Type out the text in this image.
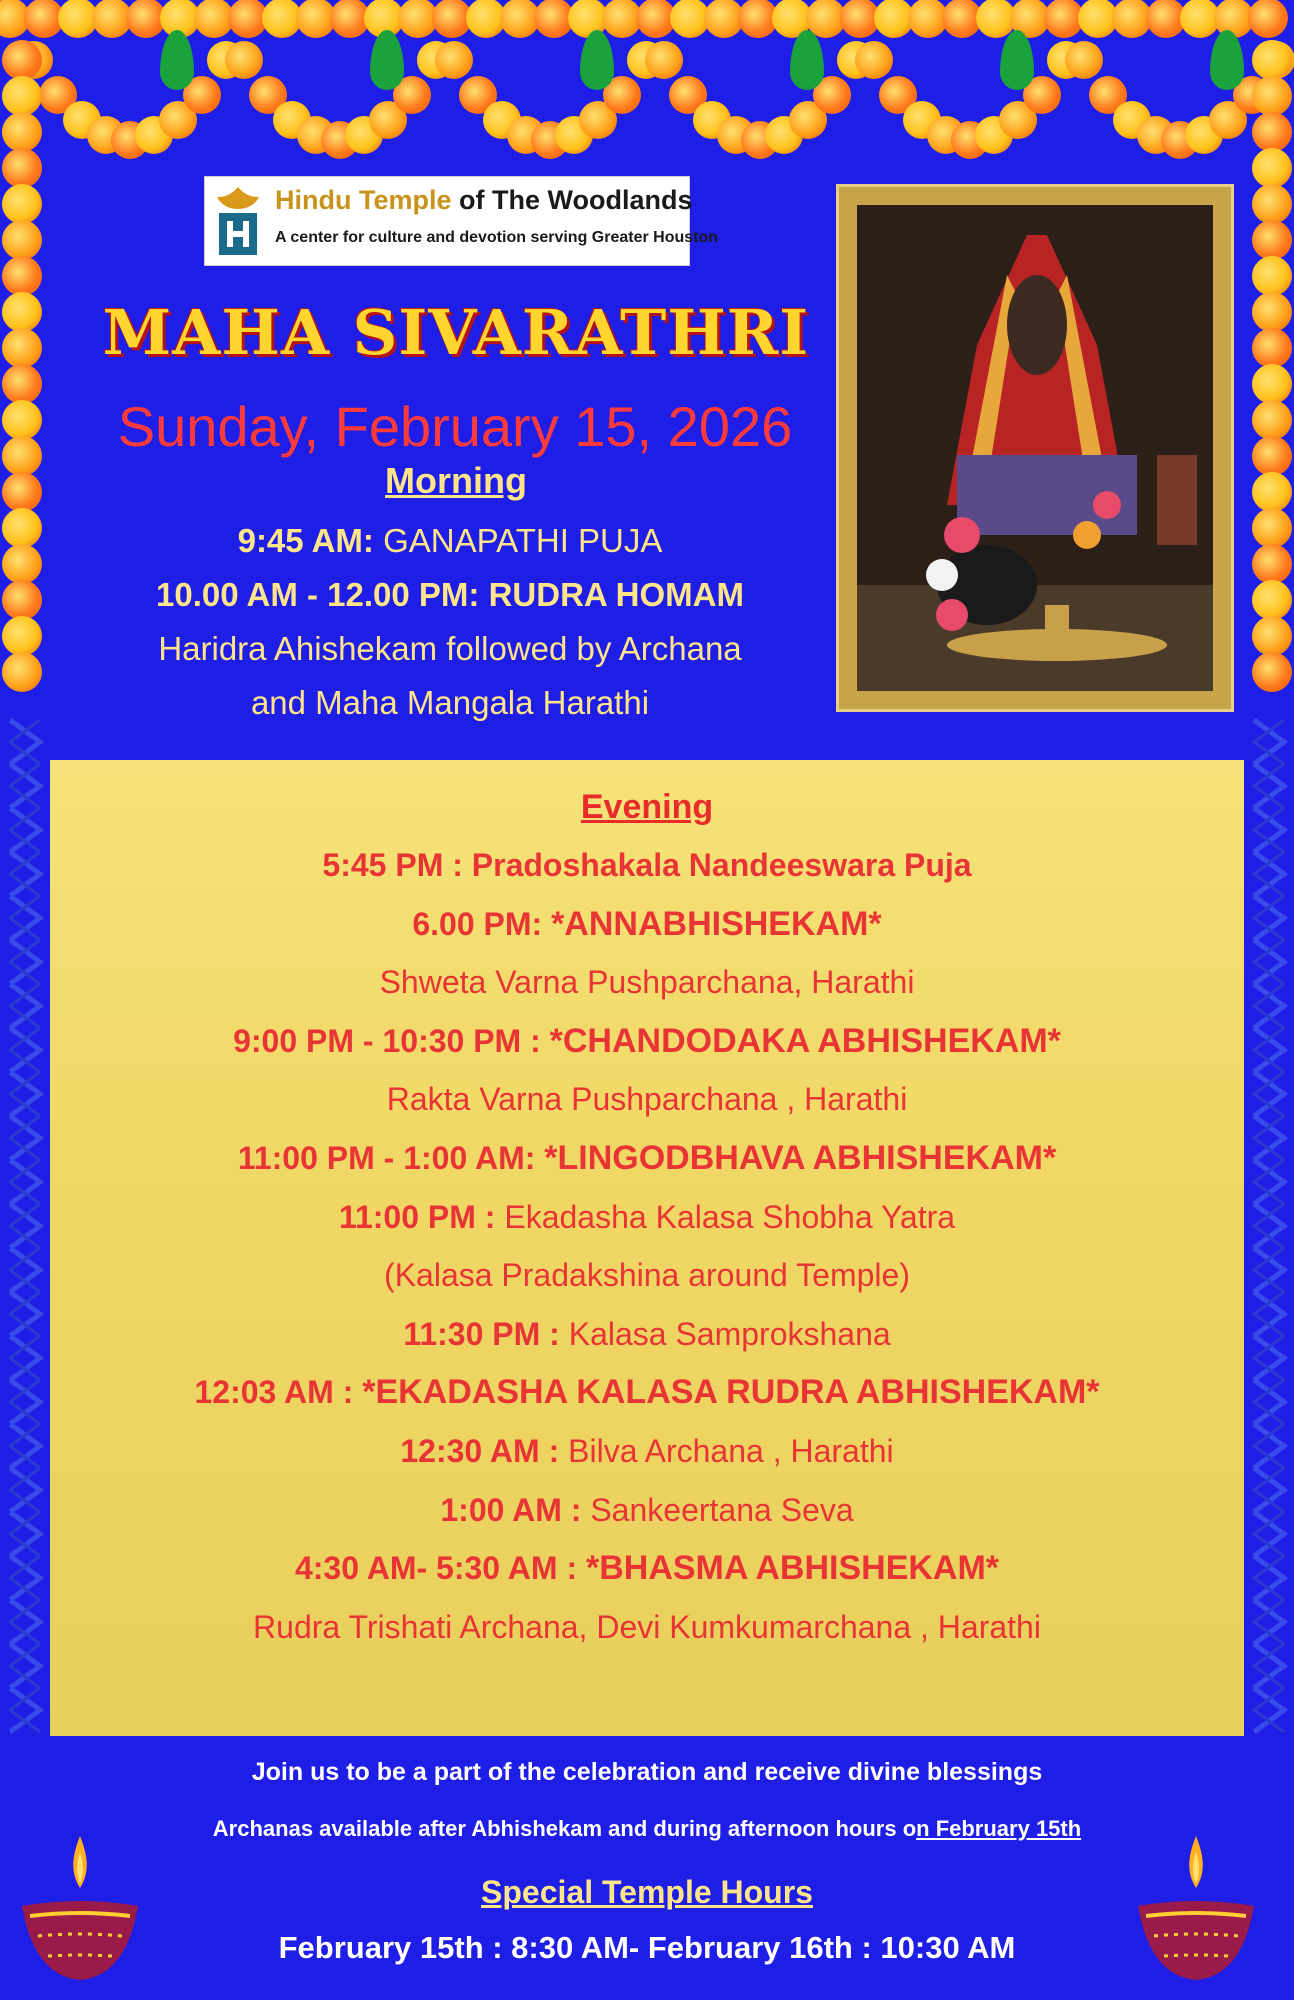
Hindu Temple of The Woodlands
A center for culture and devotion serving Greater Houston
MAHA SIVARATHRI
Sunday, February 15, 2026
Morning
9:45 AM: GANAPATHI PUJA
10.00 AM - 12.00 PM: RUDRA HOMAM
Haridra Ahishekam followed by Archana
and Maha Mangala Harathi
Evening
5:45 PM : Pradoshakala Nandeeswara Puja
6.00 PM: *ANNABHISHEKAM*
Shweta Varna Pushparchana, Harathi
9:00 PM - 10:30 PM : *CHANDODAKA ABHISHEKAM*
Rakta Varna Pushparchana , Harathi
11:00 PM - 1:00 AM: *LINGODBHAVA ABHISHEKAM*
11:00 PM : Ekadasha Kalasa Shobha Yatra
(Kalasa Pradakshina around Temple)
11:30 PM : Kalasa Samprokshana
12:03 AM : *EKADASHA KALASA RUDRA ABHISHEKAM*
12:30 AM : Bilva Archana , Harathi
1:00 AM : Sankeertana Seva
4:30 AM- 5:30 AM : *BHASMA ABHISHEKAM*
Rudra Trishati Archana, Devi Kumkumarchana , Harathi
Join us to be a part of the celebration and receive divine blessings
Archanas available after Abhishekam and during afternoon hours on February 15th
Special Temple Hours
February 15th : 8:30 AM- February 16th : 10:30 AM
